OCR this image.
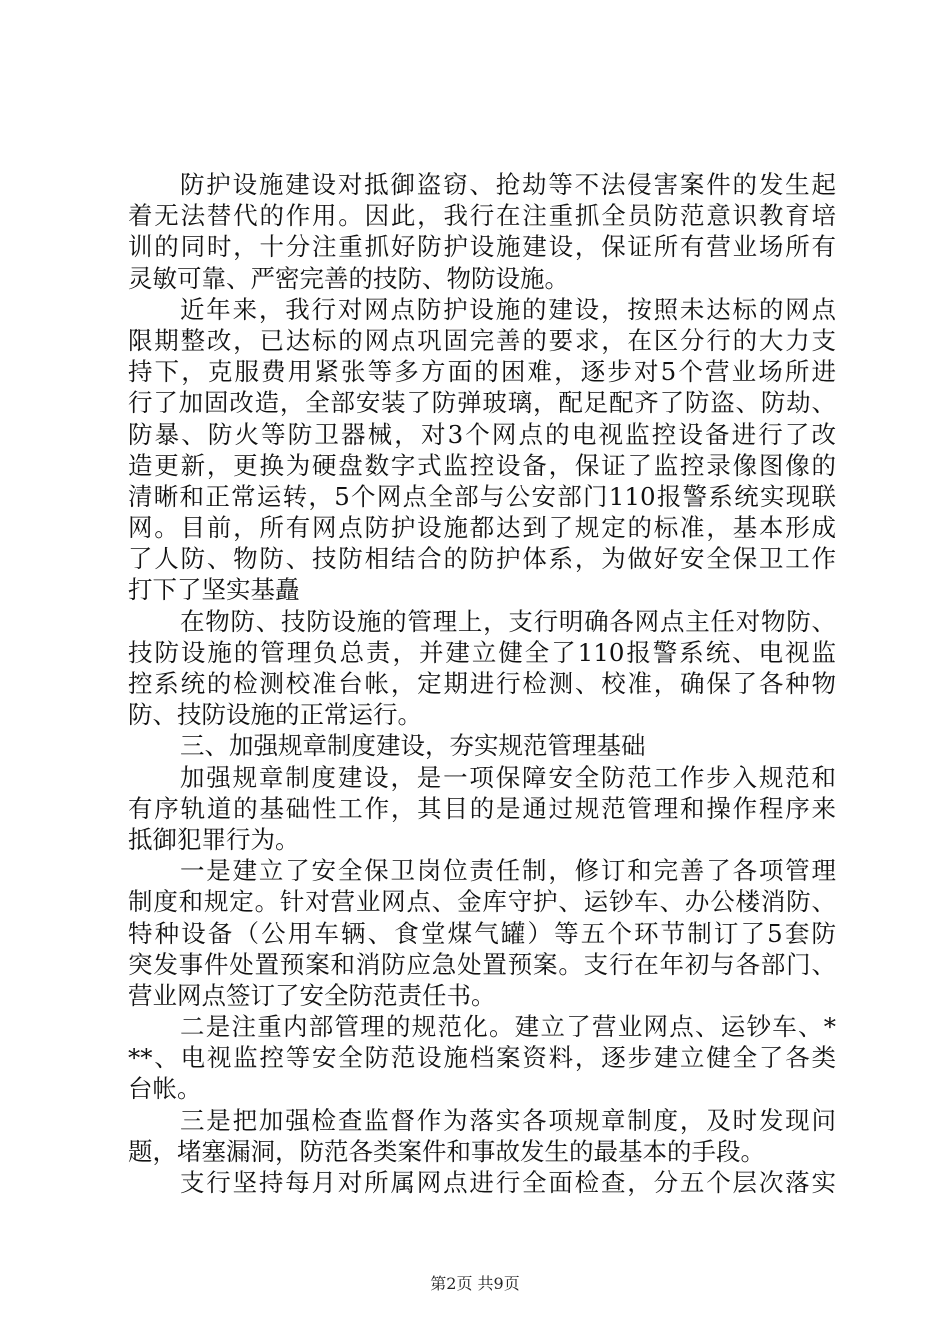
防护设施建设对抵御盗窃、抢劫等不法侵害案件的发生起
着无法替代的作用。因此，我行在注重抓全员防范意识教育培
训的同时，十分注重抓好防护设施建设，保证所有营业场所有
灵敏可靠、严密完善的技防、物防设施。
近年来，我行对网点防护设施的建设，按照未达标的网点
限期整改，已达标的网点巩固完善的要求，在区分行的大力支
持下，克服费用紧张等多方面的困难，逐步对5个营业场所进
行了加固改造，全部安装了防弹玻璃，配足配齐了防盗、防劫、
防暴、防火等防卫器械，对3个网点的电视监控设备进行了改
造更新，更换为硬盘数字式监控设备，保证了监控录像图像的
清晰和正常运转，5个网点全部与公安部门110报警系统实现联
网。目前，所有网点防护设施都达到了规定的标准，基本形成
了人防、物防、技防相结合的防护体系，为做好安全保卫工作
打下了坚实基矗
在物防、技防设施的管理上，支行明确各网点主任对物防、
技防设施的管理负总责，并建立健全了110报警系统、电视监
控系统的检测校准台帐，定期进行检测、校准，确保了各种物
防、技防设施的正常运行。
三、加强规章制度建设，夯实规范管理基础
加强规章制度建设，是一项保障安全防范工作步入规范和
有序轨道的基础性工作，其目的是通过规范管理和操作程序来
抵御犯罪行为。
一是建立了安全保卫岗位责任制，修订和完善了各项管理
制度和规定。针对营业网点、金库守护、运钞车、办公楼消防、
特种设备（公用车辆、食堂煤气罐）等五个环节制订了5套防
突发事件处置预案和消防应急处置预案。支行在年初与各部门、
营业网点签订了安全防范责任书。
二是注重内部管理的规范化。建立了营业网点、运钞车、*
**、电视监控等安全防范设施档案资料，逐步建立健全了各类
台帐。
三是把加强检查监督作为落实各项规章制度，及时发现问
题，堵塞漏洞，防范各类案件和事故发生的最基本的手段。
支行坚持每月对所属网点进行全面检查，分五个层次落实
第2页 共9页
